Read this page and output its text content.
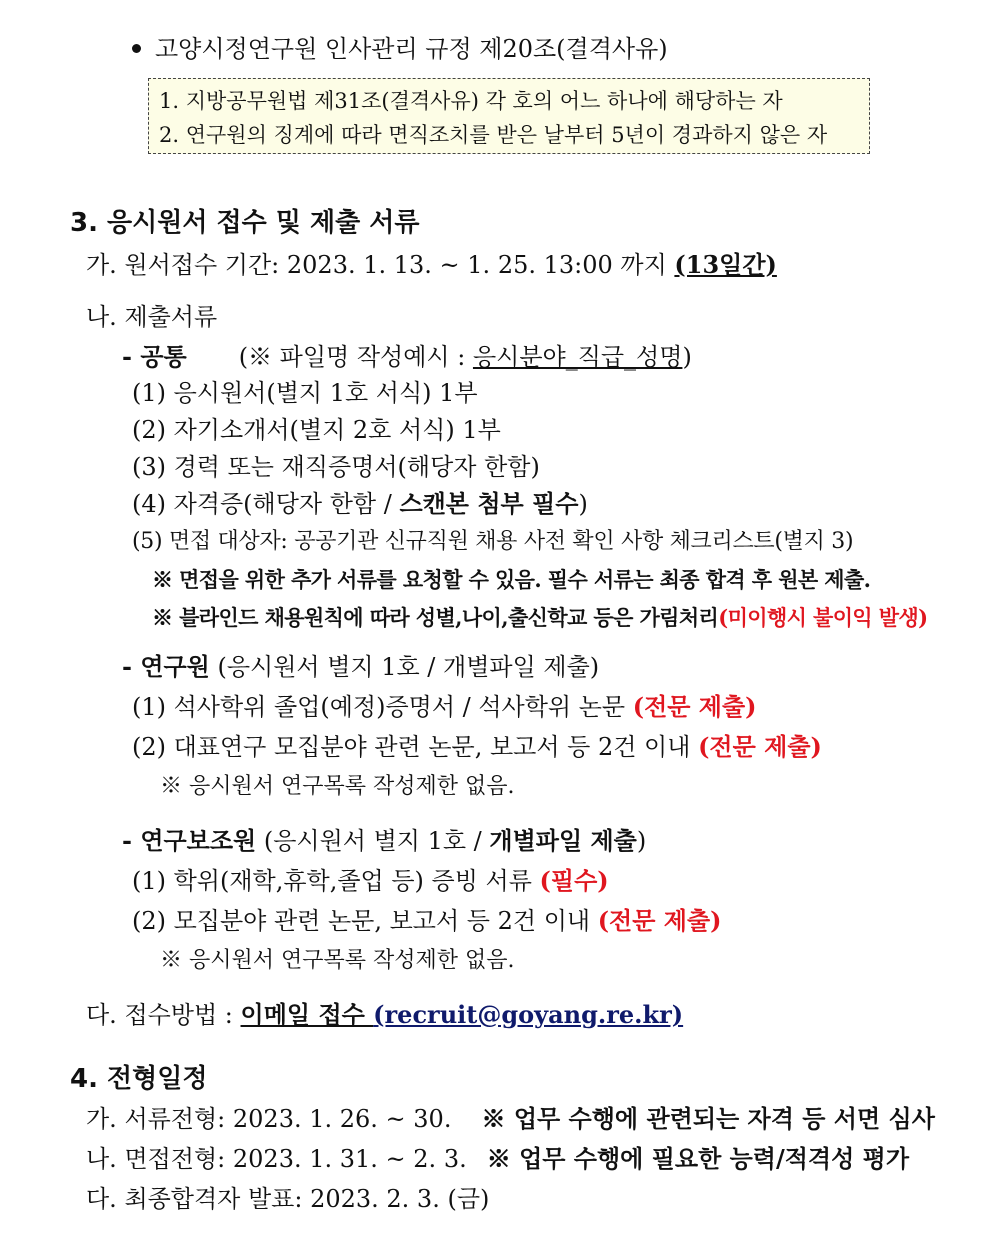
고양시정연구원 인사관리 규정 제20조(결격사유)
1. 지방공무원법 제31조(결격사유) 각 호의 어느 하나에 해당하는 자
2. 연구원의 징계에 따라 면직조치를 받은 날부터 5년이 경과하지 않은 자
3. 응시원서 접수 및 제출 서류
가. 원서접수 기간: 2023. 1. 13. ~ 1. 25. 13:00 까지 (13일간)
나. 제출서류
- 공통 (※ 파일명 작성예시 : 응시분야_직급_성명)
(1) 응시원서(별지 1호 서식) 1부
(2) 자기소개서(별지 2호 서식) 1부
(3) 경력 또는 재직증명서(해당자 한함)
(4) 자격증(해당자 한함 / 스캔본 첨부 필수)
(5) 면접 대상자: 공공기관 신규직원 채용 사전 확인 사항 체크리스트(별지 3)
※ 면접을 위한 추가 서류를 요청할 수 있음. 필수 서류는 최종 합격 후 원본 제출.
※ 블라인드 채용원칙에 따라 성별,나이,출신학교 등은 가림처리(미이행시 불이익 발생)
- 연구원 (응시원서 별지 1호 / 개별파일 제출)
(1) 석사학위 졸업(예정)증명서 / 석사학위 논문 (전문 제출)
(2) 대표연구 모집분야 관련 논문, 보고서 등 2건 이내 (전문 제출)
※ 응시원서 연구목록 작성제한 없음.
- 연구보조원 (응시원서 별지 1호 / 개별파일 제출)
(1) 학위(재학,휴학,졸업 등) 증빙 서류 (필수)
(2) 모집분야 관련 논문, 보고서 등 2건 이내 (전문 제출)
※ 응시원서 연구목록 작성제한 없음.
다. 접수방법 : 이메일 접수 (recruit@goyang.re.kr)
4. 전형일정
가. 서류전형: 2023. 1. 26. ~ 30. ※ 업무 수행에 관련되는 자격 등 서면 심사
나. 면접전형: 2023. 1. 31. ~ 2. 3. ※ 업무 수행에 필요한 능력/적격성 평가
다. 최종합격자 발표: 2023. 2. 3. (금)
